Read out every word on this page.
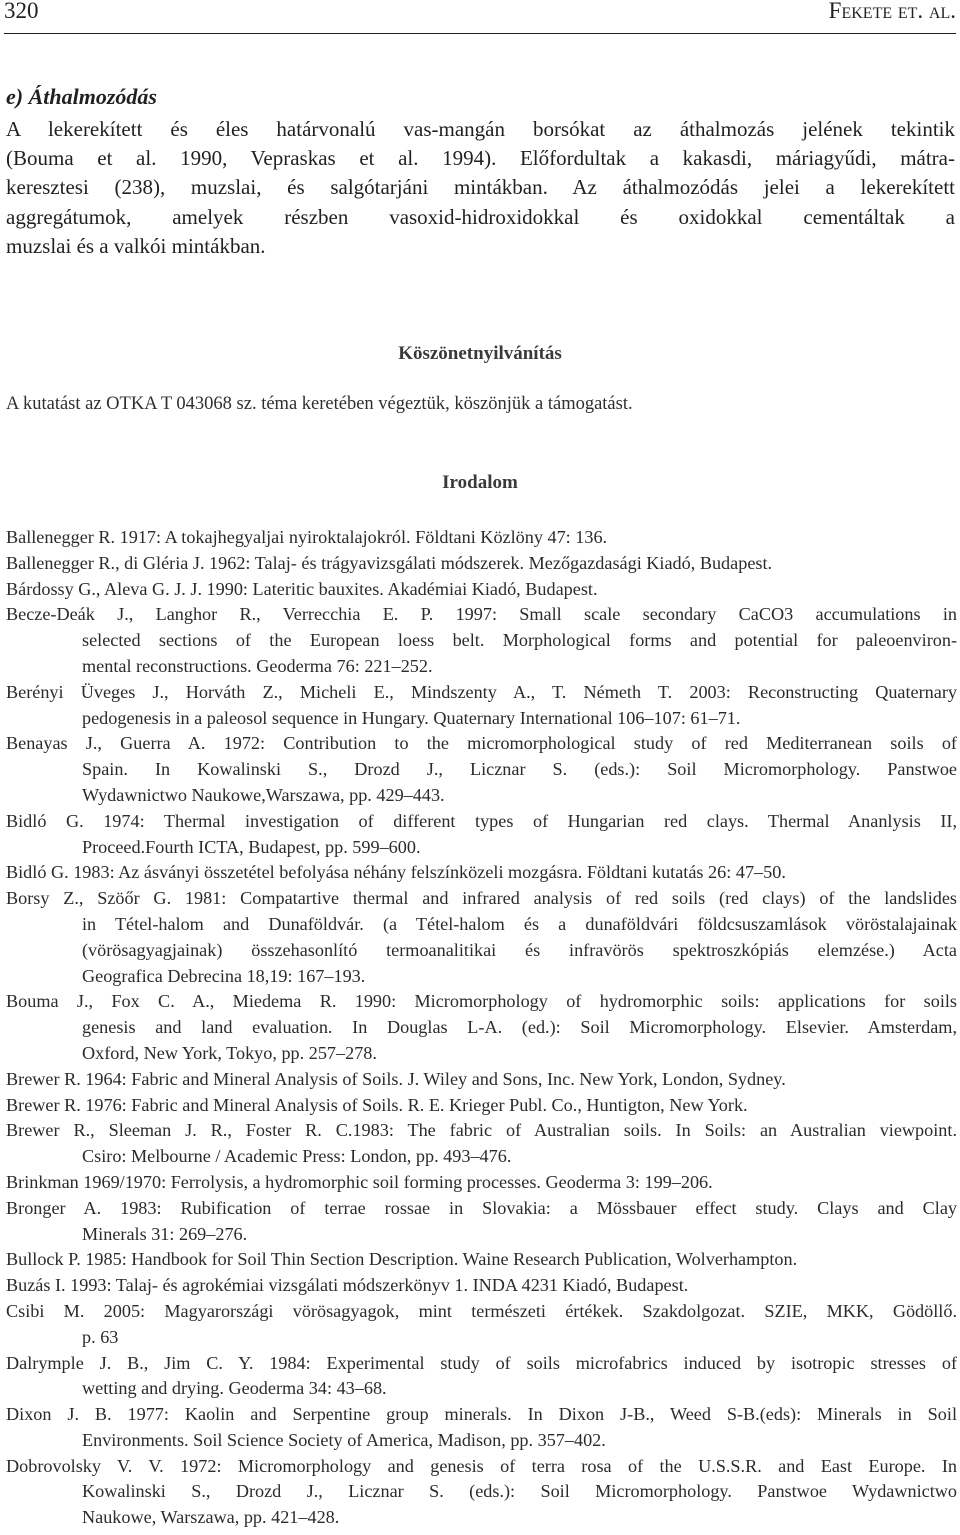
320	Fekete et. al.
e) Áthalmozódás
A lekerekített és éles határvonalú vas-mangán borsókat az áthalmozás jelének tekintik
(Bouma et al. 1990, Vepraskas et al. 1994). Előfordultak a kakasdi, máriagyűdi, mátra-
keresztesi (238), muzslai, és salgótarjáni mintákban. Az áthalmozódás jelei a lekerekített
aggregátumok, amelyek részben vasoxid-hidroxidokkal és oxidokkal cementáltak a
muzslai és a valkói mintákban.
Köszönetnyilvánítás
A kutatást az OTKA T 043068 sz. téma keretében végeztük, köszönjük a támogatást.
Irodalom
Ballenegger R. 1917: A tokajhegyaljai nyiroktalajokról. Földtani Közlöny 47: 136.
Ballenegger R., di Gléria J. 1962: Talaj- és trágyavizsgálati módszerek. Mezőgazdasági Kiadó, Budapest.
Bárdossy G., Aleva G. J. J. 1990: Lateritic bauxites. Akadémiai Kiadó, Budapest.
Becze-Deák J., Langhor R., Verrecchia E. P. 1997: Small scale secondary CaCO3 accumulations in
selected sections of the European loess belt. Morphological forms and potential for paleoenviron-
mental reconstructions. Geoderma 76: 221–252.
Berényi Üveges J., Horváth Z., Micheli E., Mindszenty A., T. Németh T. 2003: Reconstructing Quaternary
pedogenesis in a paleosol sequence in Hungary. Quaternary International 106–107: 61–71.
Benayas J., Guerra A. 1972: Contribution to the micromorphological study of red Mediterranean soils of
Spain. In Kowalinski S., Drozd J., Licznar S. (eds.): Soil Micromorphology. Panstwoe
Wydawnictwo Naukowe,Warszawa, pp. 429–443.
Bidló G. 1974: Thermal investigation of different types of Hungarian red clays. Thermal Ananlysis II,
Proceed.Fourth ICTA, Budapest, pp. 599–600.
Bidló G. 1983: Az ásványi összetétel befolyása néhány felszínközeli mozgásra. Földtani kutatás 26: 47–50.
Borsy Z., Szöőr G. 1981: Compatartive thermal and infrared analysis of red soils (red clays) of the landslides
in Tétel-halom and Dunaföldvár. (a Tétel-halom és a dunaföldvári földcsuszamlások vöröstalajainak
(vörösagyagjainak) összehasonlító termoanalitikai és infravörös spektroszkópiás elemzése.) Acta
Geografica Debrecina 18,19: 167–193.
Bouma J., Fox C. A., Miedema R. 1990: Micromorphology of hydromorphic soils: applications for soils
genesis and land evaluation. In Douglas L-A. (ed.): Soil Micromorphology. Elsevier. Amsterdam,
Oxford, New York, Tokyo, pp. 257–278.
Brewer R. 1964: Fabric and Mineral Analysis of Soils. J. Wiley and Sons, Inc. New York, London, Sydney.
Brewer R. 1976: Fabric and Mineral Analysis of Soils. R. E. Krieger Publ. Co., Huntigton, New York.
Brewer R., Sleeman J. R., Foster R. C.1983: The fabric of Australian soils. In Soils: an Australian viewpoint.
Csiro: Melbourne / Academic Press: London, pp. 493–476.
Brinkman 1969/1970: Ferrolysis, a hydromorphic soil forming processes. Geoderma 3: 199–206.
Bronger A. 1983: Rubification of terrae rossae in Slovakia: a Mössbauer effect study. Clays and Clay
Minerals 31: 269–276.
Bullock P. 1985: Handbook for Soil Thin Section Description. Waine Research Publication, Wolverhampton.
Buzás I. 1993: Talaj- és agrokémiai vizsgálati módszerkönyv 1. INDA 4231 Kiadó, Budapest.
Csibi M. 2005: Magyarországi vörösagyagok, mint természeti értékek. Szakdolgozat. SZIE, MKK, Gödöllő.
p. 63
Dalrymple J. B., Jim C. Y. 1984: Experimental study of soils microfabrics induced by isotropic stresses of
wetting and drying. Geoderma 34: 43–68.
Dixon J. B. 1977: Kaolin and Serpentine group minerals. In Dixon J-B., Weed S-B.(eds): Minerals in Soil
Environments. Soil Science Society of America, Madison, pp. 357–402.
Dobrovolsky V. V. 1972: Micromorphology and genesis of terra rosa of the U.S.S.R. and East Europe. In
Kowalinski S., Drozd J., Licznar S. (eds.): Soil Micromorphology. Panstwoe Wydawnictwo
Naukowe, Warszawa, pp. 421–428.
